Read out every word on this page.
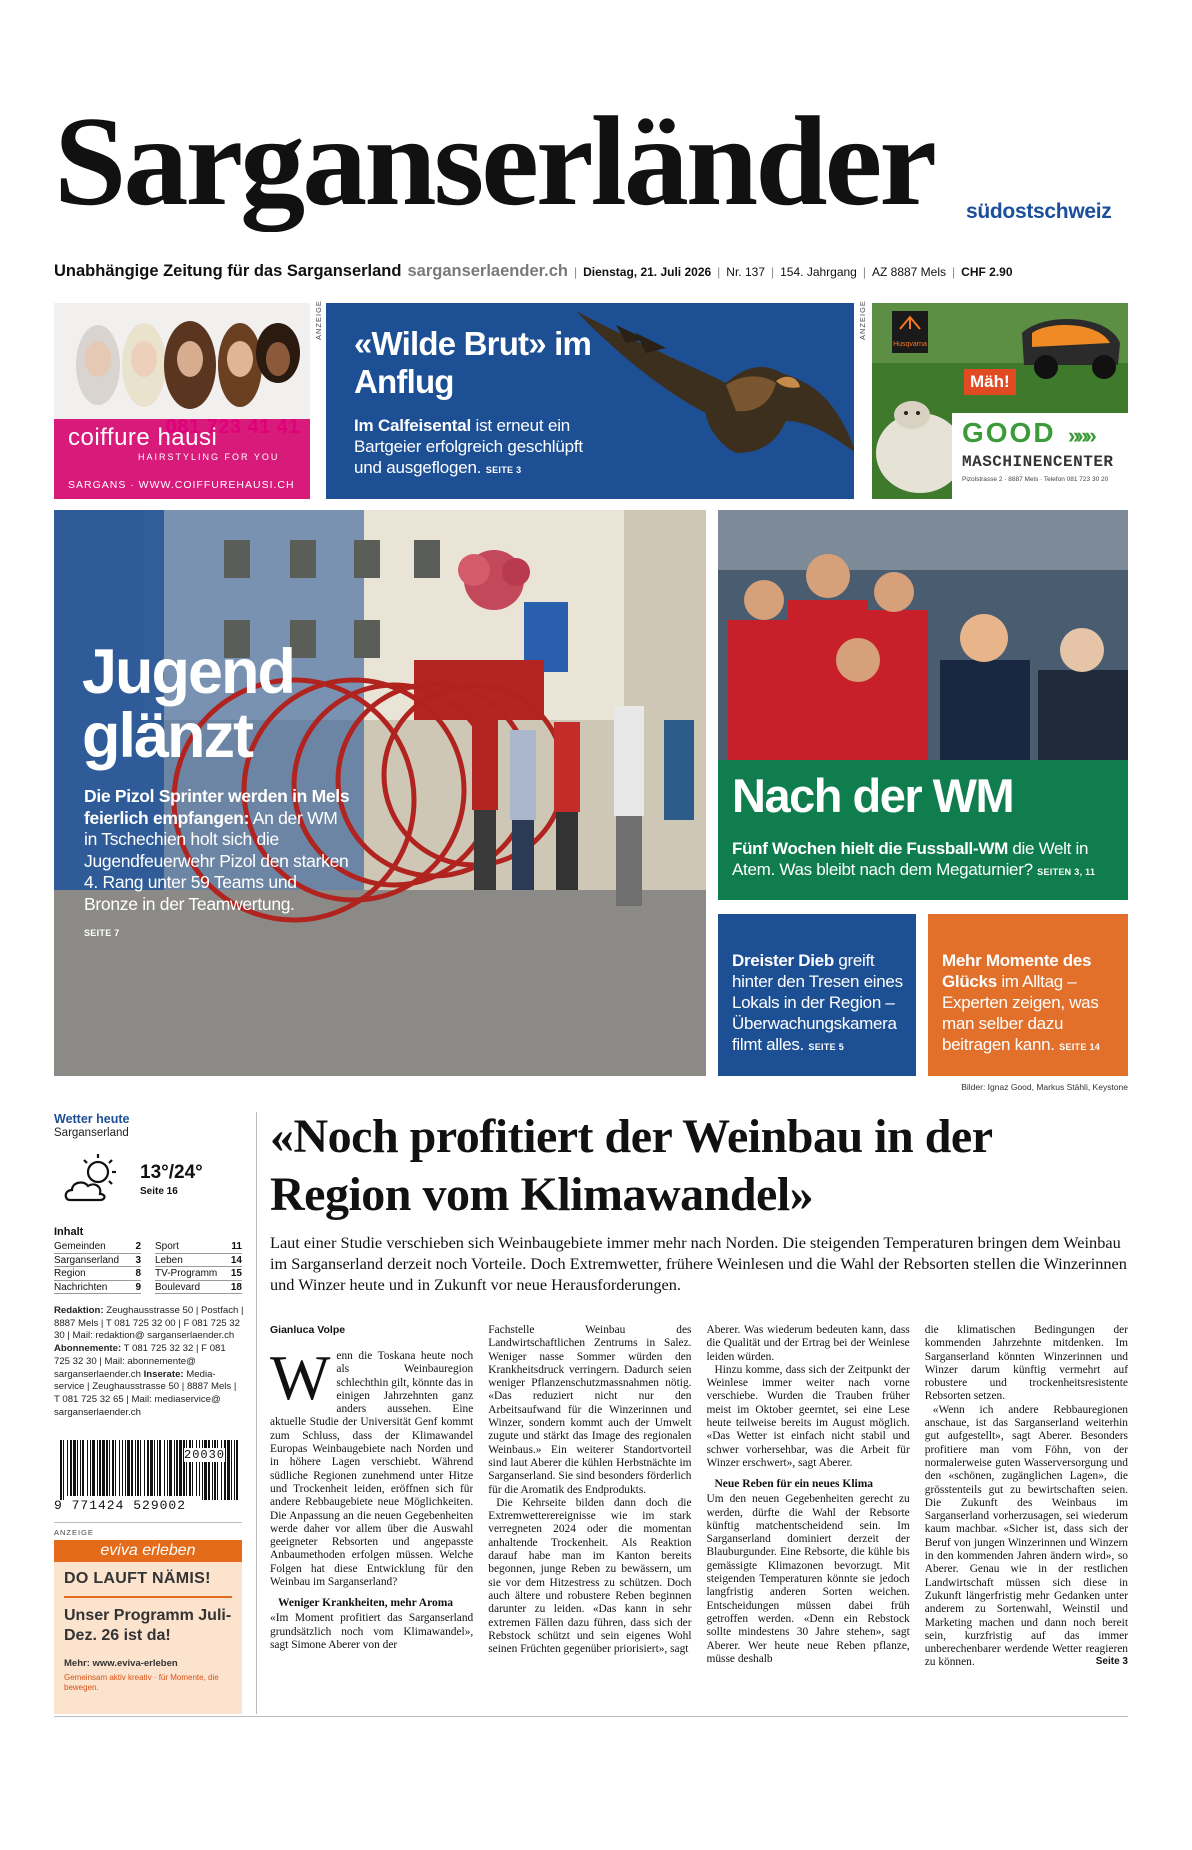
Sarganserländer südostschweiz
Unabhängige Zeitung für das Sarganserland sarganserlaender.ch | Dienstag, 21. Juli 2026 | Nr. 137 | 154. Jahrgang | AZ 8887 Mels | CHF 2.90
coiffure hausi
HAIRSTYLING FOR YOU
081 723 41 41
SARGANS · WWW.COIFFUREHAUSI.CH
ANZEIGE
«Wilde Brut» im Anflug
Im Calfeisental ist erneut ein Bartgeier erfolgreich geschlüpft und ausgeflogen. SEITE 3
ANZEIGE
Husqvarna
Mäh!
GOOD »»»
MASCHINENCENTER
Pizolstrasse 2 · 8887 Mels · Telefon 081 723 30 20
Jugend
glänzt
Die Pizol Sprinter werden in Mels feierlich empfangen: An der WM in Tschechien holt sich die Jugendfeuerwehr Pizol den starken 4. Rang unter 59 Teams und Bronze in der Teamwertung.
SEITE 7
Nach der WM
Fünf Wochen hielt die Fussball-WM die Welt in Atem. Was bleibt nach dem Megaturnier? SEITEN 3, 11
Dreister Dieb greift hinter den Tresen eines Lokals in der Region – Überwachungskamera filmt alles. SEITE 5
Mehr Momente des Glücks im Alltag – Experten zeigen, was man selber dazu beitragen kann. SEITE 14
Bilder: Ignaz Good, Markus Stähli, Keystone
Wetter heute
Sarganserland
13°/24°
Seite 16
Inhalt
Gemeinden	2
Sarganserland 3
Region	8
Nachrichten	9
Sport	11
Leben	14
TV-Programm 15
Boulevard	18
Redaktion: Zeughausstrasse 50 | Postfach | 8887 Mels | T 081 725 32 00 | F 081 725 32 30 | Mail: redaktion@ sarganserlaender.ch
Abonnemente: T 081 725 32 32 | F 081 725 32 30 | Mail: abonnemente@ sarganserlaender.ch Inserate: Media-service | Zeughausstrasse 50 | 8887 Mels | T 081 725 32 65 | Mail: mediaservice@ sarganserlaender.ch
20030
9 771424 529002
ANZEIGE
eviva erleben
DO LAUFT NÄMIS!
Unser Programm Juli-Dez. 26 ist da!
Mehr: www.eviva-erleben
Gemeinsam aktiv kreativ · für Momente, die bewegen.
«Noch profitiert der Weinbau in der Region vom Klimawandel»

Laut einer Studie verschieben sich Weinbaugebiete immer mehr nach Norden. Die steigenden Temperaturen bringen dem Weinbau im Sarganserland derzeit noch Vorteile. Doch Extremwetter, frühere Weinlesen und die Wahl der Rebsorten stellen die Winzerinnen und Winzer heute und in Zukunft vor neue Herausforderungen.

Gianluca Volpe

Wenn die Toskana heute noch als Weinbauregion schlechthin gilt, könnte das in einigen Jahrzehnten ganz anders aussehen. Eine aktuelle Studie der Universität Genf kommt zum Schluss, dass der Klimawandel Europas Weinbaugebiete nach Norden und in höhere Lagen verschiebt. Während südliche Regionen zunehmend unter Hitze und Trockenheit leiden, eröffnen sich für andere Rebbaugebiete neue Möglichkeiten. Die Anpassung an die neuen Gegebenheiten werde daher vor allem über die Auswahl geeigneter Rebsorten und angepasste Anbaumethoden erfolgen müssen. Welche Folgen hat diese Entwicklung für den Weinbau im Sarganserland?

Weniger Krankheiten, mehr Aroma

«Im Moment profitiert das Sarganserland grundsätzlich noch vom Klimawandel», sagt Simone Aberer von der

Fachstelle Weinbau des Landwirtschaftlichen Zentrums in Salez. Weniger nasse Sommer würden den Krankheitsdruck verringern. Dadurch seien weniger Pflanzenschutzmassnahmen nötig. «Das reduziert nicht nur den Arbeitsaufwand für die Winzerinnen und Winzer, sondern kommt auch der Umwelt zugute und stärkt das Image des regionalen Weinbaus.» Ein weiterer Standortvorteil sind laut Aberer die kühlen Herbstnächte im Sarganserland. Sie sind besonders förderlich für die Aromatik des Endprodukts.

Die Kehrseite bilden dann doch die Extremwetterereignisse wie im stark verregneten 2024 oder die momentan anhaltende Trockenheit. Als Reaktion darauf habe man im Kanton bereits begonnen, junge Reben zu bewässern, um sie vor dem Hitzestress zu schützen. Doch auch ältere und robustere Reben beginnen darunter zu leiden. «Das kann in sehr extremen Fällen dazu führen, dass sich der Rebstock schützt und sein eigenes Wohl seinen Früchten gegenüber priorisiert», sagt

Aberer. Was wiederum bedeuten kann, dass die Qualität und der Ertrag bei der Weinlese leiden würden.

Hinzu komme, dass sich der Zeitpunkt der Weinlese immer weiter nach vorne verschiebe. Wurden die Trauben früher meist im Oktober geerntet, sei eine Lese heute teilweise bereits im August möglich. «Das Wetter ist einfach nicht stabil und schwer vorhersehbar, was die Arbeit für Winzer erschwert», sagt Aberer.

Neue Reben für ein neues Klima

Um den neuen Gegebenheiten gerecht zu werden, dürfte die Wahl der Rebsorte künftig matchentscheidend sein. Im Sarganserland dominiert derzeit der Blauburgunder. Eine Rebsorte, die kühle bis gemässigte Klimazonen bevorzugt. Mit steigenden Temperaturen könnte sie jedoch langfristig anderen Sorten weichen. Entscheidungen müssen dabei früh getroffen werden. «Denn ein Rebstock sollte mindestens 30 Jahre stehen», sagt Aberer. Wer heute neue Reben pflanze, müsse deshalb

die klimatischen Bedingungen der kommenden Jahrzehnte mitdenken. Im Sarganserland könnten Winzerinnen und Winzer darum künftig vermehrt auf robustere und trockenheitsresistente Rebsorten setzen.

«Wenn ich andere Rebbauregionen anschaue, ist das Sarganserland weiterhin gut aufgestellt», sagt Aberer. Besonders profitiere man vom Föhn, von der normalerweise guten Wasserversorgung und den «schönen, zugänglichen Lagen», die grösstenteils gut zu bewirtschaften seien. Die Zukunft des Weinbaus im Sarganserland vorherzusagen, sei wiederum kaum machbar. «Sicher ist, dass sich der Beruf von jungen Winzerinnen und Winzern in den kommenden Jahren ändern wird», so Aberer. Genau wie in der restlichen Landwirtschaft müssen sich diese in Zukunft längerfristig mehr Gedanken unter anderem zu Sortenwahl, Weinstil und Marketing machen und dann noch bereit sein, kurzfristig auf das immer unberechenbarer werdende Wetter reagieren zu können.	Seite 3
